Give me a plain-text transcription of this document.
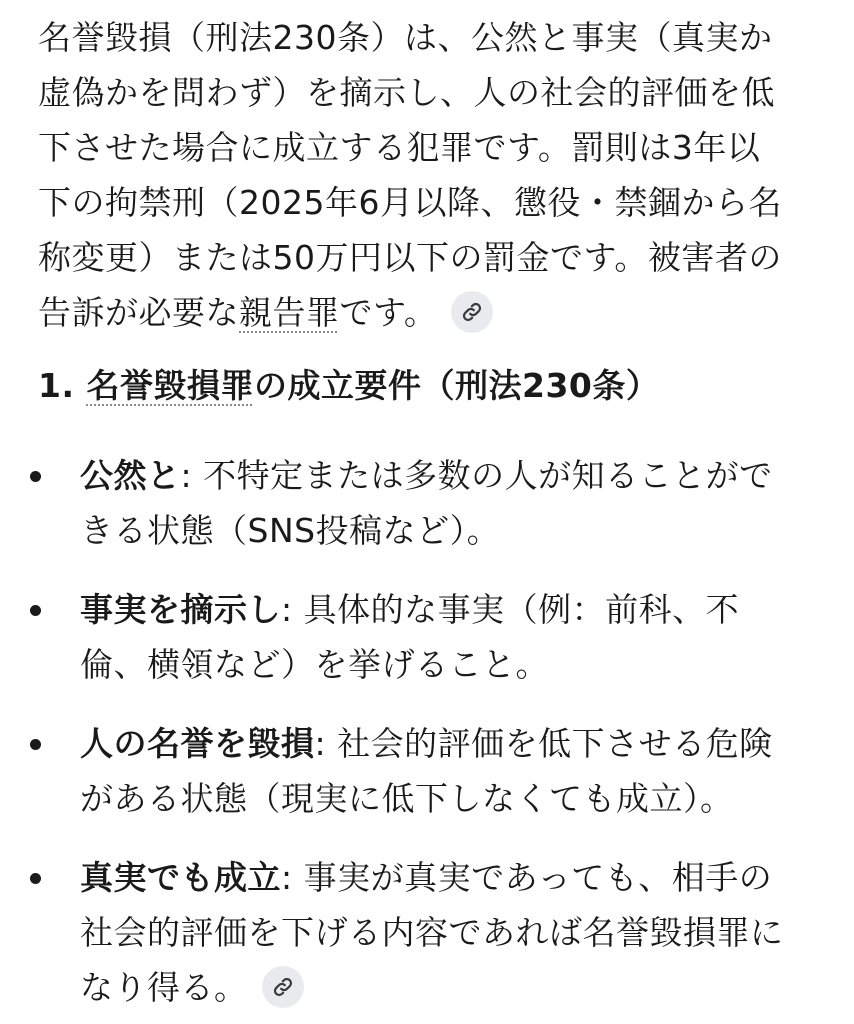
名誉毀損（刑法230条）は、公然と事実（真実か
虚偽かを問わず）を摘示し、人の社会的評価を低
下させた場合に成立する犯罪です。罰則は3年以
下の拘禁刑（2025年6月以降、懲役・禁錮から名
称変更）または50万円以下の罰金です。被害者の
告訴が必要な親告罪です。

1. 名誉毀損罪の成立要件（刑法230条）
公然と: 不特定または多数の人が知ることがで
きる状態（SNS投稿など）。
事実を摘示し: 具体的な事実（例：前科、不
倫、横領など）を挙げること。
人の名誉を毀損: 社会的評価を低下させる危険
がある状態（現実に低下しなくても成立）。
真実でも成立: 事実が真実であっても、相手の
社会的評価を下げる内容であれば名誉毀損罪に
なり得る。
